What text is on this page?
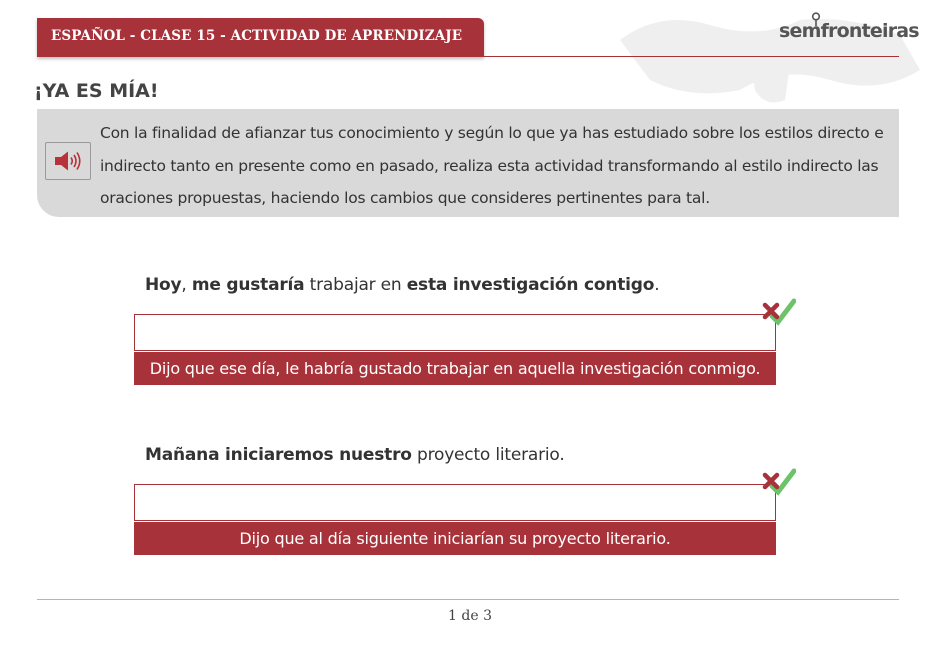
ESPAÑOL - CLASE 15 - ACTIVIDAD DE APRENDIZAJE	semfronteiras
¡YA ES MÍA!
Con la finalidad de afianzar tus conocimiento y según lo que ya has estudiado sobre los estilos directo e indirecto tanto en presente como en pasado, realiza esta actividad transformando al estilo indirecto las oraciones propuestas, haciendo los cambios que consideres pertinentes para tal.
Hoy, me gustaría trabajar en esta investigación contigo.
Dijo que ese día, le habría gustado trabajar en aquella investigación conmigo.
Mañana iniciaremos nuestro proyecto literario.
Dijo que al día siguiente iniciarían su proyecto literario.
1 de 3
